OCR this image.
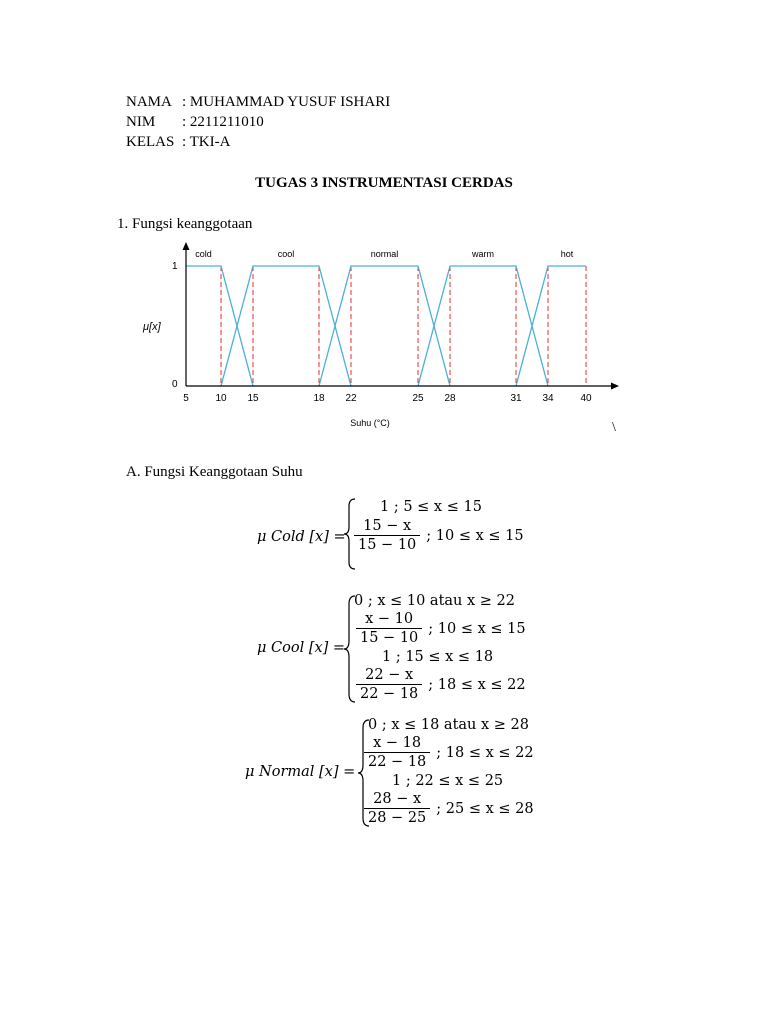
NAMA : MUHAMMAD YUSUF ISHARI
NIM : 2211211010
KELAS : TKI-A
TUGAS 3 INSTRUMENTASI CERDAS
1. Fungsi keanggotaan
1
0
μ[x]
5	10 15	18 22	25 28	31 34	40
cold	cool	normal	warm	hot
Suhu (°C)	\
A. Fungsi Keanggotaan Suhu
μ Cold [x] =
1 ; 5 ≤ x ≤ 15
$\frac{15 - x}{15 - 10}$ ; 10 ≤ x ≤ 15
μ Cool [x] =
0 ; x ≤ 10 atau x ≥ 22
$\frac{x - 10}{15 - 10}$ ; 10 ≤ x ≤ 15
1 ; 15 ≤ x ≤ 18
$\frac{22 - x}{22 - 18}$ ; 18 ≤ x ≤ 22
μ Normal [x] =
0 ; x ≤ 18 atau x ≥ 28
$\frac{x - 18}{22 - 18}$ ; 18 ≤ x ≤ 22
1 ; 22 ≤ x ≤ 25
$\frac{28 - x}{28 - 25}$ ; 25 ≤ x ≤ 28
